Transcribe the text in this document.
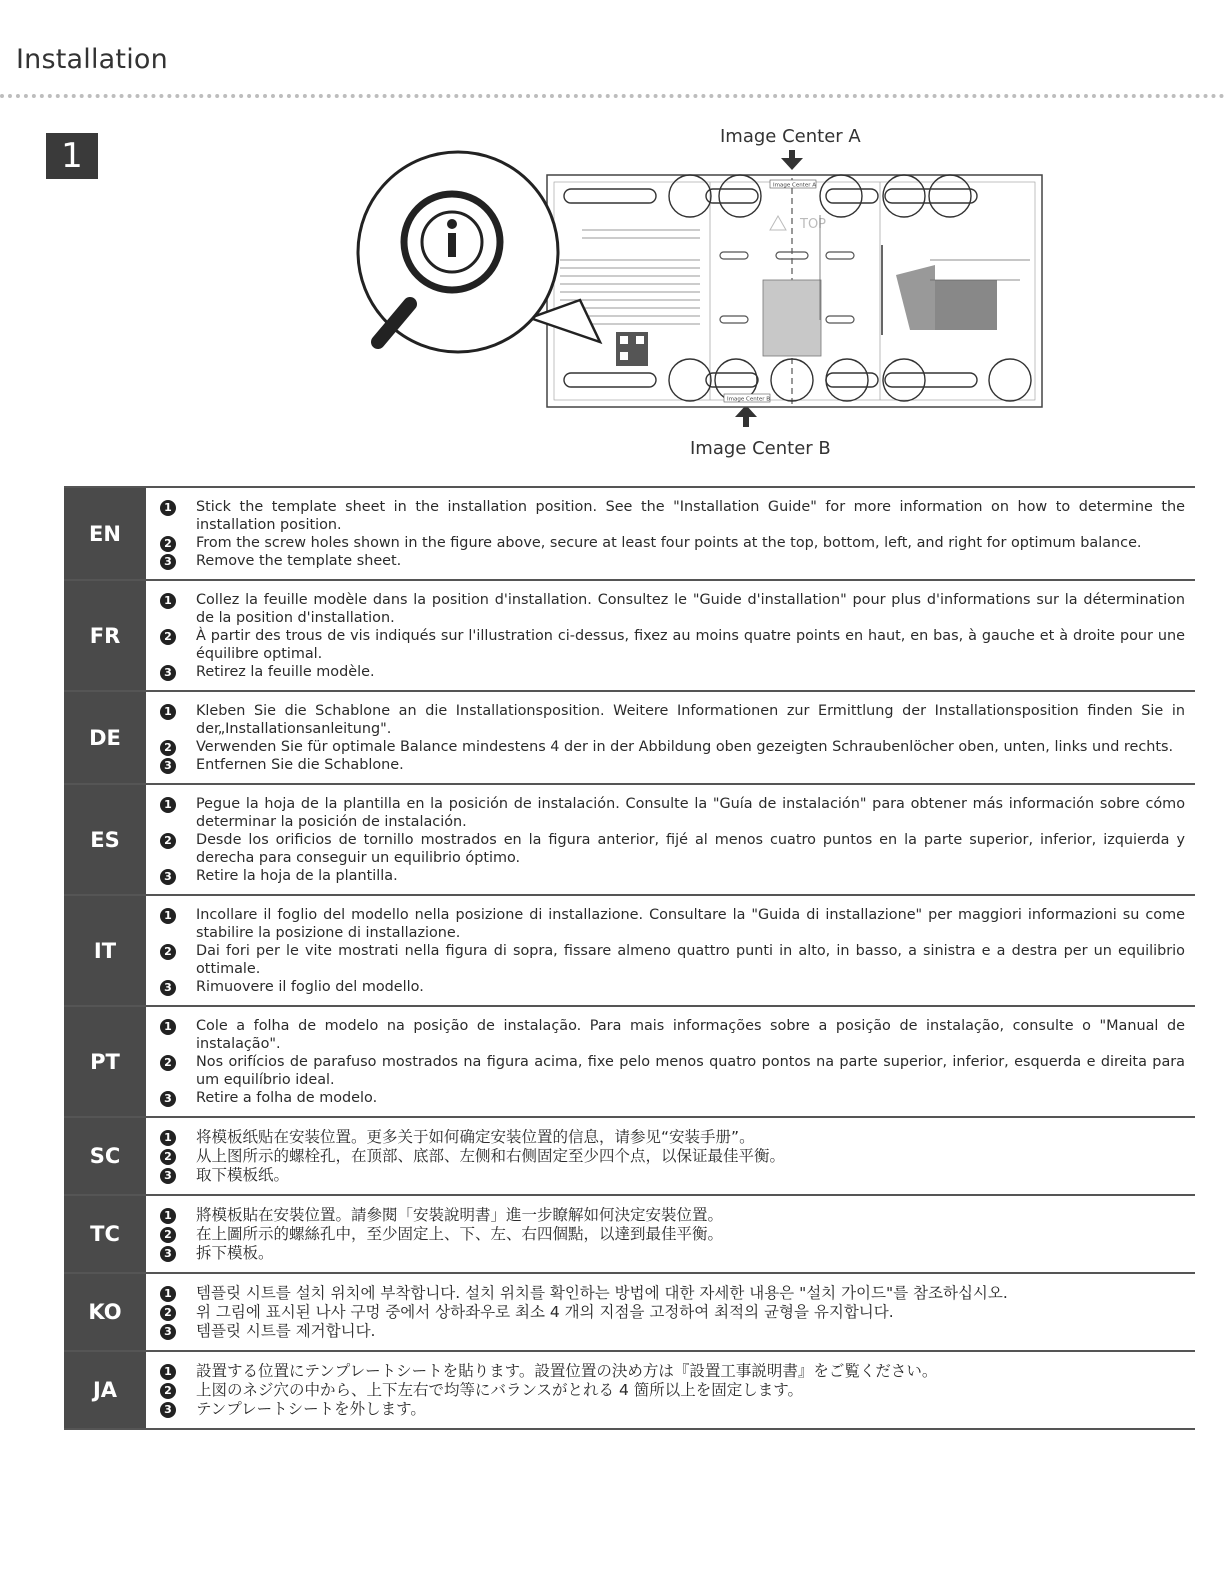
Installation
1	Image Center A
Image Center B
TOP
Image Center A
Image Center B
EN
1 Stick the template sheet in the installation position. See the "Installation Guide" for more information on how to determine the installation position.
2 From the screw holes shown in the figure above, secure at least four points at the top, bottom, left, and right for optimum balance.
3 Remove the template sheet.
FR
1 Collez la feuille modèle dans la position d'installation. Consultez le "Guide d'installation" pour plus d'informations sur la détermination de la position d'installation.
2 À partir des trous de vis indiqués sur l'illustration ci-dessus, fixez au moins quatre points en haut, en bas, à gauche et à droite pour une équilibre optimal.
3 Retirez la feuille modèle.
DE
1 Kleben Sie die Schablone an die Installationsposition. Weitere Informationen zur Ermittlung der Installationsposition finden Sie in der„Installationsanleitung".
2 Verwenden Sie für optimale Balance mindestens 4 der in der Abbildung oben gezeigten Schraubenlöcher oben, unten, links und rechts.
3 Entfernen Sie die Schablone.
ES
1 Pegue la hoja de la plantilla en la posición de instalación. Consulte la "Guía de instalación" para obtener más información sobre cómo determinar la posición de instalación.
2 Desde los orificios de tornillo mostrados en la figura anterior, fijé al menos cuatro puntos en la parte superior, inferior, izquierda y derecha para conseguir un equilibrio óptimo.
3 Retire la hoja de la plantilla.
IT
1 Incollare il foglio del modello nella posizione di installazione. Consultare la "Guida di installazione" per maggiori informazioni su come stabilire la posizione di installazione.
2 Dai fori per le vite mostrati nella figura di sopra, fissare almeno quattro punti in alto, in basso, a sinistra e a destra per un equilibrio ottimale.
3 Rimuovere il foglio del modello.
PT
1 Cole a folha de modelo na posição de instalação. Para mais informações sobre a posição de instalação, consulte o "Manual de instalação".
2 Nos orifícios de parafuso mostrados na figura acima, fixe pelo menos quatro pontos na parte superior, inferior, esquerda e direita para um equilíbrio ideal.
3 Retire a folha de modelo.
SC
1 将模板纸贴在安装位置。更多关于如何确定安装位置的信息，请参见“安装手册”。
2 从上图所示的螺栓孔，在顶部、底部、左侧和右侧固定至少四个点，以保证最佳平衡。
3 取下模板纸。
TC
1 將模板貼在安裝位置。請參閱「安裝說明書」進一步瞭解如何決定安裝位置。
2 在上圖所示的螺絲孔中，至少固定上、下、左、右四個點，以達到最佳平衡。
3 拆下模板。
KO
1 템플릿 시트를 설치 위치에 부착합니다. 설치 위치를 확인하는 방법에 대한 자세한 내용은 "설치 가이드"를 참조하십시오.
2 위 그림에 표시된 나사 구멍 중에서 상하좌우로 최소 4 개의 지점을 고정하여 최적의 균형을 유지합니다.
3 템플릿 시트를 제거합니다.
JA
1 設置する位置にテンプレートシートを貼ります。設置位置の決め方は『設置工事説明書』をご覧ください。
2 上図のネジ穴の中から、上下左右で均等にバランスがとれる 4 箇所以上を固定します。
3 テンプレートシートを外します。
